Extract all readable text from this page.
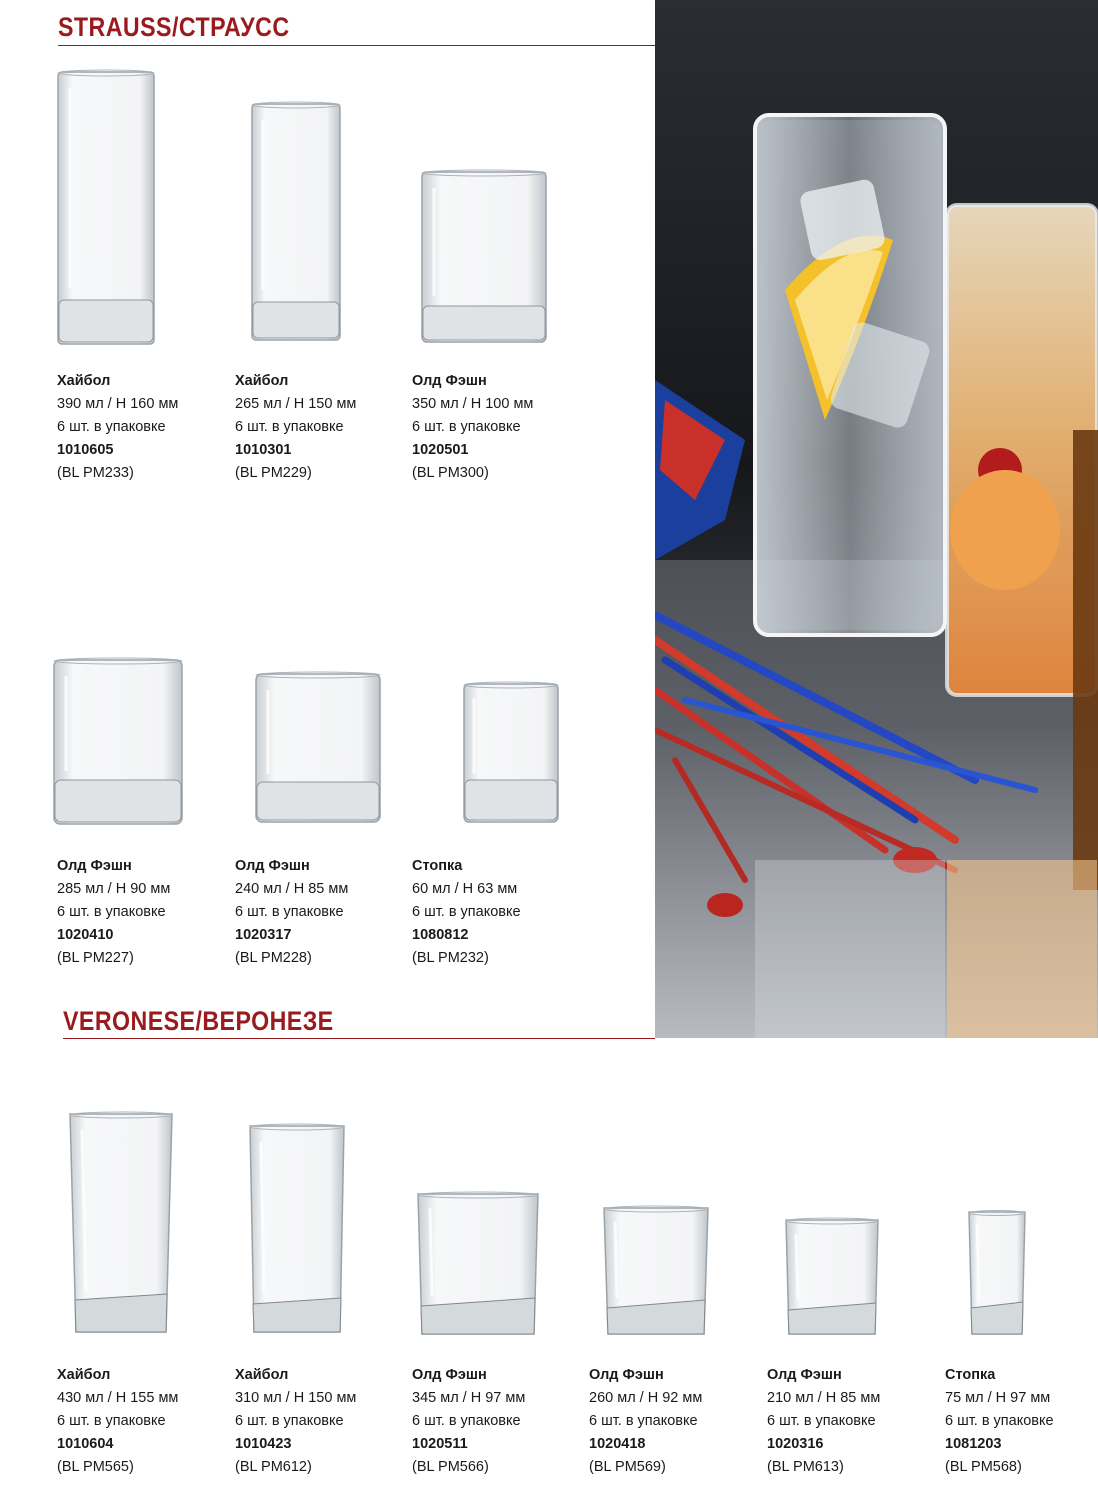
STRAUSS/СТРАУСС
VERONESE/ВЕРОНЕЗЕ
Хайбол
390 мл / Н 160 мм
6 шт. в упаковке
1010605
(BL PM233)
Хайбол
265 мл / Н 150 мм
6 шт. в упаковке
1010301
(BL PM229)
Олд Фэшн
350 мл / Н 100 мм
6 шт. в упаковке
1020501
(BL PM300)
Олд Фэшн
285 мл / Н 90 мм
6 шт. в упаковке
1020410
(BL PM227)
Олд Фэшн
240 мл / Н 85 мм
6 шт. в упаковке
1020317
(BL PM228)
Стопка
60 мл / Н 63 мм
6 шт. в упаковке
1080812
(BL PM232)
Хайбол
430 мл / Н 155 мм
6 шт. в упаковке
1010604
(BL PM565)
Хайбол
310 мл / Н 150 мм
6 шт. в упаковке
1010423
(BL PM612)
Олд Фэшн
345 мл / Н 97 мм
6 шт. в упаковке
1020511
(BL PM566)
Олд Фэшн
260 мл / Н 92 мм
6 шт. в упаковке
1020418
(BL PM569)
Олд Фэшн
210 мл / Н 85 мм
6 шт. в упаковке
1020316
(BL PM613)
Стопка
75 мл / Н 97 мм
6 шт. в упаковке
1081203
(BL PM568)
